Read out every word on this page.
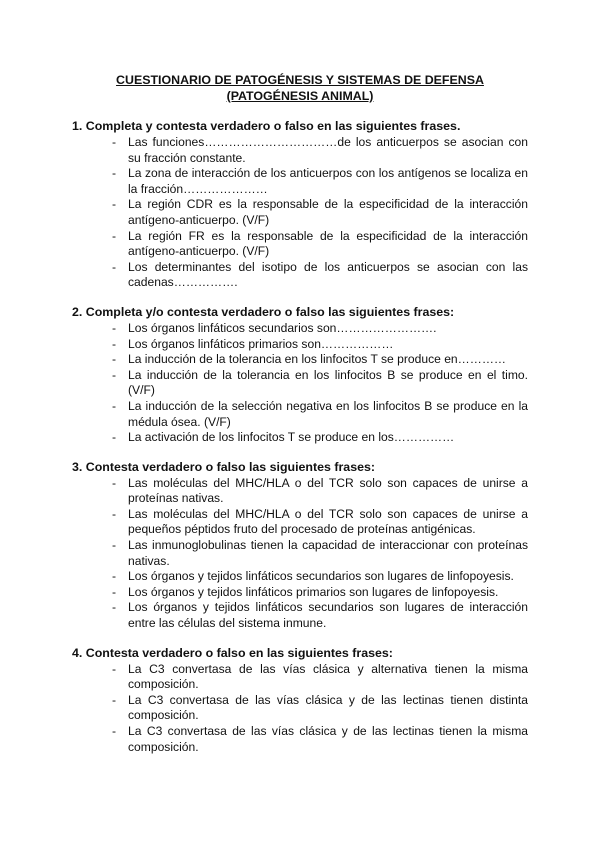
CUESTIONARIO DE PATOGÉNESIS Y SISTEMAS DE DEFENSA
(PATOGÉNESIS ANIMAL)
1. Completa y contesta verdadero o falso en las siguientes frases.
- Las funciones……………………………de los anticuerpos se asocian con su fracción constante.
- La zona de interacción de los anticuerpos con los antígenos se localiza en la fracción…………………
- La región CDR es la responsable de la especificidad de la interacción antígeno-anticuerpo. (V/F)
- La región FR es la responsable de la especificidad de la interacción antígeno-anticuerpo. (V/F)
- Los determinantes del isotipo de los anticuerpos se asocian con las cadenas…………….
2. Completa y/o contesta verdadero o falso las siguientes frases:
- Los órganos linfáticos secundarios son…………………….
- Los órganos linfáticos primarios son………………
- La inducción de la tolerancia en los linfocitos T se produce en…………
- La inducción de la tolerancia en los linfocitos B se produce en el timo. (V/F)
- La inducción de la selección negativa en los linfocitos B se produce en la médula ósea. (V/F)
- La activación de los linfocitos T se produce en los……………
3. Contesta verdadero o falso las siguientes frases:
- Las moléculas del MHC/HLA o del TCR solo son capaces de unirse a proteínas nativas.
- Las moléculas del MHC/HLA o del TCR solo son capaces de unirse a pequeños péptidos fruto del procesado de proteínas antigénicas.
- Las inmunoglobulinas tienen la capacidad de interaccionar con proteínas nativas.
- Los órganos y tejidos linfáticos secundarios son lugares de linfopoyesis.
- Los órganos y tejidos linfáticos primarios son lugares de linfopoyesis.
- Los órganos y tejidos linfáticos secundarios son lugares de interacción entre las células del sistema inmune.
4. Contesta verdadero o falso en las siguientes frases:
- La C3 convertasa de las vías clásica y alternativa tienen la misma composición.
- La C3 convertasa de las vías clásica y de las lectinas tienen distinta composición.
- La C3 convertasa de las vías clásica y de las lectinas tienen la misma composición.
